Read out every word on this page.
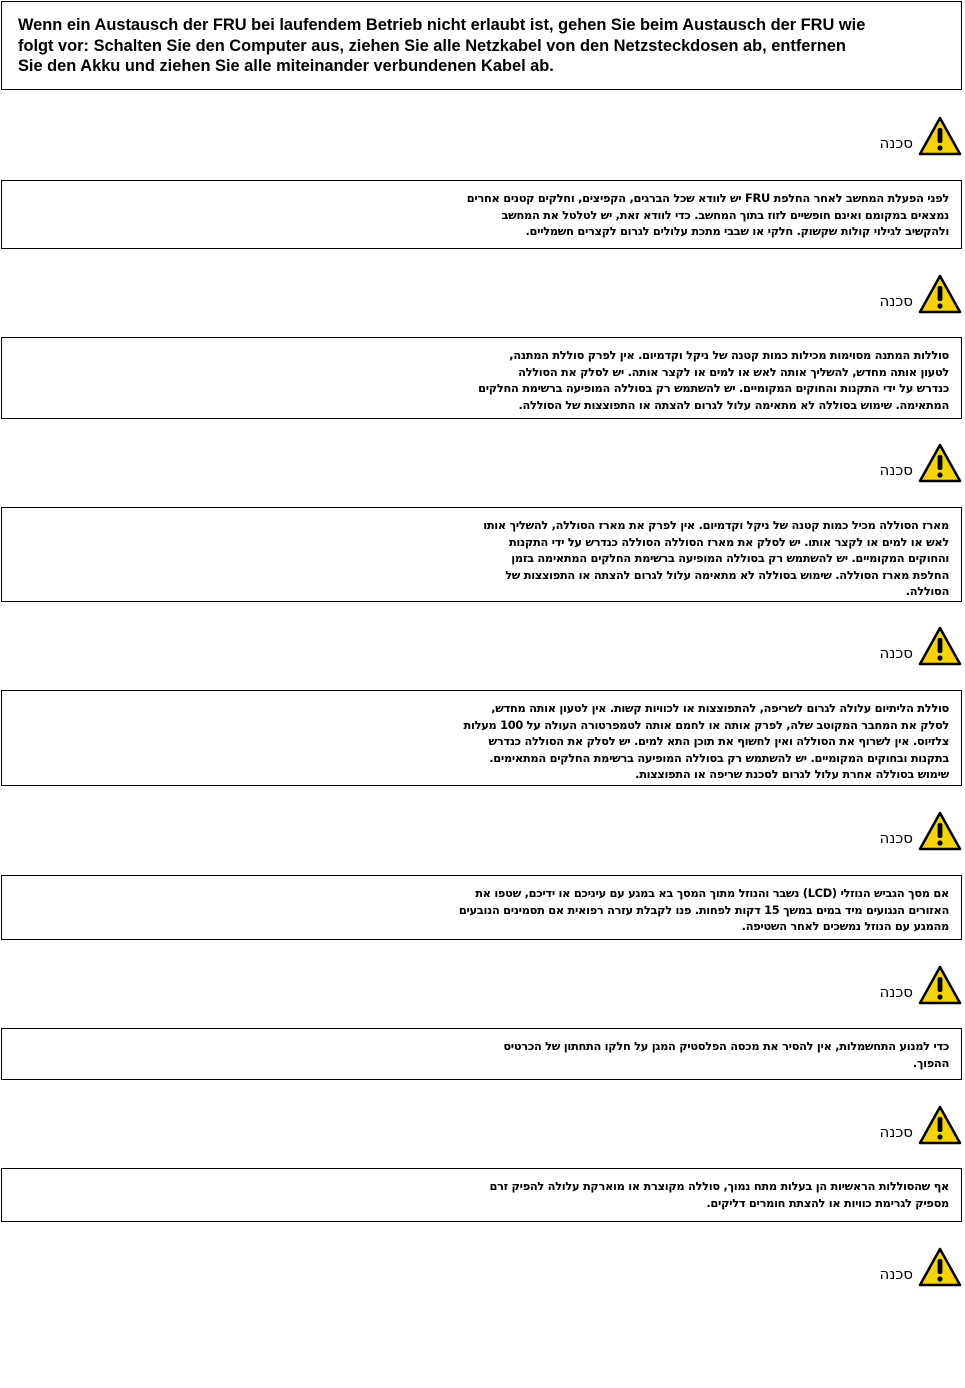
Wenn ein Austausch der FRU bei laufendem Betrieb nicht erlaubt ist, gehen Sie beim Austausch der FRU wie
folgt vor: Schalten Sie den Computer aus, ziehen Sie alle Netzkabel von den Netzsteckdosen ab, entfernen
Sie den Akku und ziehen Sie alle miteinander verbundenen Kabel ab.
סכנה
לפני הפעלת המחשב לאחר החלפת FRU יש לוודא שכל הברגים, הקפיצים, וחלקים קטנים אחרים
נמצאים במקומם ואינם חופשיים לזוז בתוך המחשב. כדי לוודא זאת, יש לטלטל את המחשב
ולהקשיב לגילוי קולות שקשוק. חלקי או שבבי מתכת עלולים לגרום לקצרים חשמליים.
סכנה
סוללות המתנה מסוימות מכילות כמות קטנה של ניקל וקדמיום. אין לפרק סוללת המתנה,
לטעון אותה מחדש, להשליך אותה לאש או למים או לקצר אותה. יש לסלק את הסוללה
כנדרש על ידי התקנות והחוקים המקומיים. יש להשתמש רק בסוללה המופיעה ברשימת החלקים
המתאימה. שימוש בסוללה לא מתאימה עלול לגרום להצתה או התפוצצות של הסוללה.
סכנה
מארז הסוללה מכיל כמות קטנה של ניקל וקדמיום. אין לפרק את מארז הסוללה, להשליך אותו
לאש או למים או לקצר אותו. יש לסלק את מארז הסוללה הסוללה כנדרש על ידי התקנות
והחוקים המקומיים. יש להשתמש רק בסוללה המופיעה ברשימת החלקים המתאימה בזמן
החלפת מארז הסוללה. שימוש בסוללה לא מתאימה עלול לגרום להצתה או התפוצצות של
הסוללה.
סכנה
סוללת הליתיום עלולה לגרום לשריפה, להתפוצצות או לכוויות קשות. אין לטעון אותה מחדש,
לסלק את המחבר המקוטב שלה, לפרק אותה או לחמם אותה לטמפרטורה העולה על 100 מעלות
צלזיוס. אין לשרוף את הסוללה ואין לחשוף את תוכן התא למים. יש לסלק את הסוללה כנדרש
בתקנות ובחוקים המקומיים. יש להשתמש רק בסוללה המופיעה ברשימת החלקים המתאימים.
שימוש בסוללה אחרת עלול לגרום לסכנת שריפה או התפוצצות.
סכנה
אם מסך הגביש הנוזלי (LCD) נשבר והנוזל מתוך המסך בא במגע עם עיניכם או ידיכם, שטפו את
האזורים הנגועים מיד במים במשך 15 דקות לפחות. פנו לקבלת עזרה רפואית אם תסמינים הנובעים
מהמגע עם הנוזל נמשכים לאחר השטיפה.
סכנה
כדי למנוע התחשמלות, אין להסיר את מכסה הפלסטיק המגן על חלקו התחתון של הכרטיס
ההפוך.
סכנה
אף שהסוללות הראשיות הן בעלות מתח נמוך, סוללה מקוצרת או מוארקת עלולה להפיק זרם
מספיק לגרימת כוויות או להצתת חומרים דליקים.
סכנה
